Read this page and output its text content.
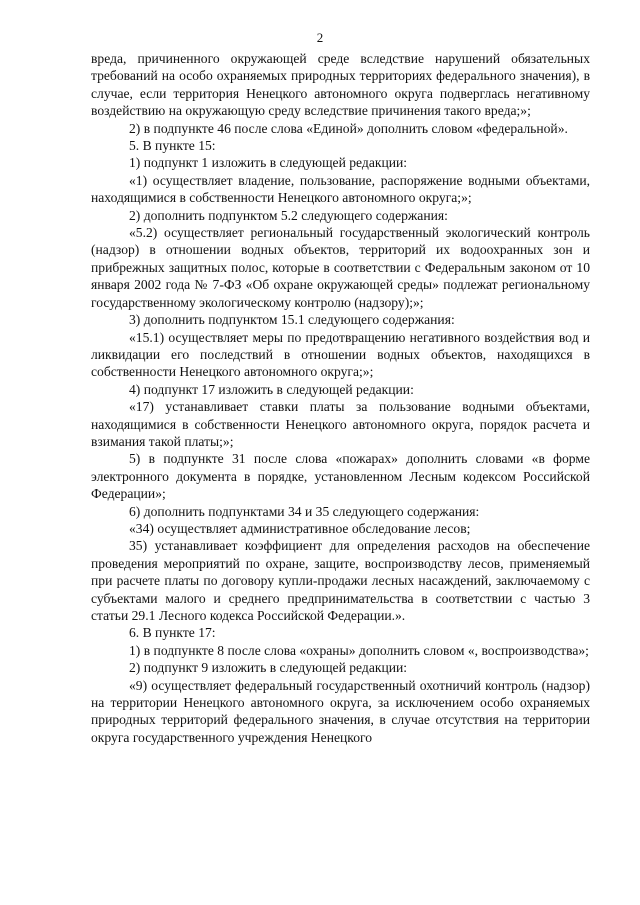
2

вреда, причиненного окружающей среде вследствие нарушений обязательных требований на особо охраняемых природных территориях федерального значения), в случае, если территория Ненецкого автономного округа подверглась негативному воздействию на окружающую среду вследствие причинения такого вреда;»;

2) в подпункте 46 после слова «Единой» дополнить словом «федеральной».

5. В пункте 15:

1) подпункт 1 изложить в следующей редакции:

«1) осуществляет владение, пользование, распоряжение водными объектами, находящимися в собственности Ненецкого автономного округа;»;

2) дополнить подпунктом 5.2 следующего содержания:

«5.2) осуществляет региональный государственный экологический контроль (надзор) в отношении водных объектов, территорий их водоохранных зон и прибрежных защитных полос, которые в соответствии с Федеральным законом от 10 января 2002 года № 7-ФЗ «Об охране окружающей среды» подлежат региональному государственному экологическому контролю (надзору);»;

3) дополнить подпунктом 15.1 следующего содержания:

«15.1) осуществляет меры по предотвращению негативного воздействия вод и ликвидации его последствий в отношении водных объектов, находящихся в собственности Ненецкого автономного округа;»;

4) подпункт 17 изложить в следующей редакции:

«17) устанавливает ставки платы за пользование водными объектами, находящимися в собственности Ненецкого автономного округа, порядок расчета и взимания такой платы;»;

5) в подпункте 31 после слова «пожарах» дополнить словами «в форме электронного документа в порядке, установленном Лесным кодексом Российской Федерации»;

6) дополнить подпунктами 34 и 35 следующего содержания:

«34) осуществляет административное обследование лесов;

35) устанавливает коэффициент для определения расходов на обеспечение проведения мероприятий по охране, защите, воспроизводству лесов, применяемый при расчете платы по договору купли-продажи лесных насаждений, заключаемому с субъектами малого и среднего предпринимательства в соответствии с частью 3 статьи 29.1 Лесного кодекса Российской Федерации.».

6. В пункте 17:

1) в подпункте 8 после слова «охраны» дополнить словом «, воспроизводства»;

2) подпункт 9 изложить в следующей редакции:

«9) осуществляет федеральный государственный охотничий контроль (надзор) на территории Ненецкого автономного округа, за исключением особо охраняемых природных территорий федерального значения, в случае отсутствия на территории округа государственного учреждения Ненецкого
